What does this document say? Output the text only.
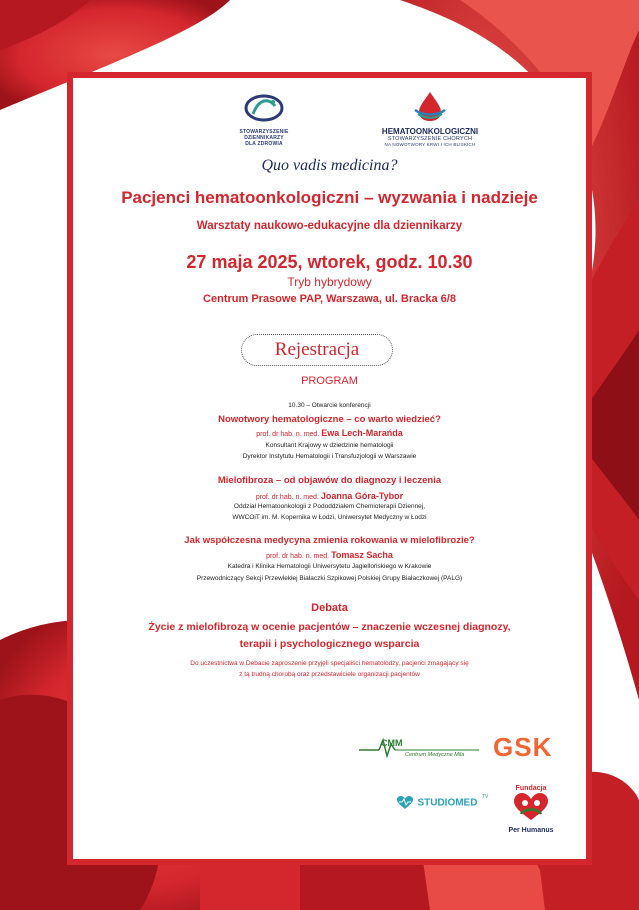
STOWARZYSZENIE
DZIENNIKARZY
DLA ZDROWIA
HEMATOONKOLOGICZNI
STOWARZYSZENIE CHORYCH
NA NOWOTWORY KRWI I ICH BLISKICH
Quo vadis medicina?
Pacjenci hematoonkologiczni – wyzwania i nadzieje
Warsztaty naukowo-edukacyjne dla dziennikarzy
27 maja 2025, wtorek, godz. 10.30
Tryb hybrydowy
Centrum Prasowe PAP, Warszawa, ul. Bracka 6/8
Rejestracja
PROGRAM
10.30 – Otwarcie konferencji
Nowotwory hematologiczne – co warto wiedzieć?
prof. dr hab. n. med. Ewa Lech-Marańda
Konsultant Krajowy w dziedzinie hematologii
Dyrektor Instytutu Hematologii i Transfuzjologii w Warszawie
Mielofibroza – od objawów do diagnozy i leczenia
prof. dr hab. n. med. Joanna Góra-Tybor
Oddział Hematoonkologii z Pododdziałem Chemioterapii Dziennej,
WWCOiT im. M. Kopernika w Łodzi, Uniwersytet Medyczny w Łodzi
Jak współczesna medycyna zmienia rokowania w mielofibrozie?
prof. dr hab. n. med. Tomasz Sacha
Katedra i Klinika Hematologii Uniwersytetu Jagiellońskiego w Krakowie
Przewodniczący Sekcji Przewlekłej Białaczki Szpikowej Polskiej Grupy Białaczkowej (PALG)
Debata
Życie z mielofibrozą w ocenie pacjentów – znaczenie wczesnej diagnozy,
terapii i psychologicznego wsparcia
Do uczestnictwa w Debacie zaproszenie przyjęli specjaliści hematolodzy, pacjenci zmagający się
z tą trudną chorobą oraz przedstawiciele organizacji pacjentów
CMM
Centrum Medyczne Mila GSK
STUDIOMED $^{TV}$
Fundacja
Per Humanus
